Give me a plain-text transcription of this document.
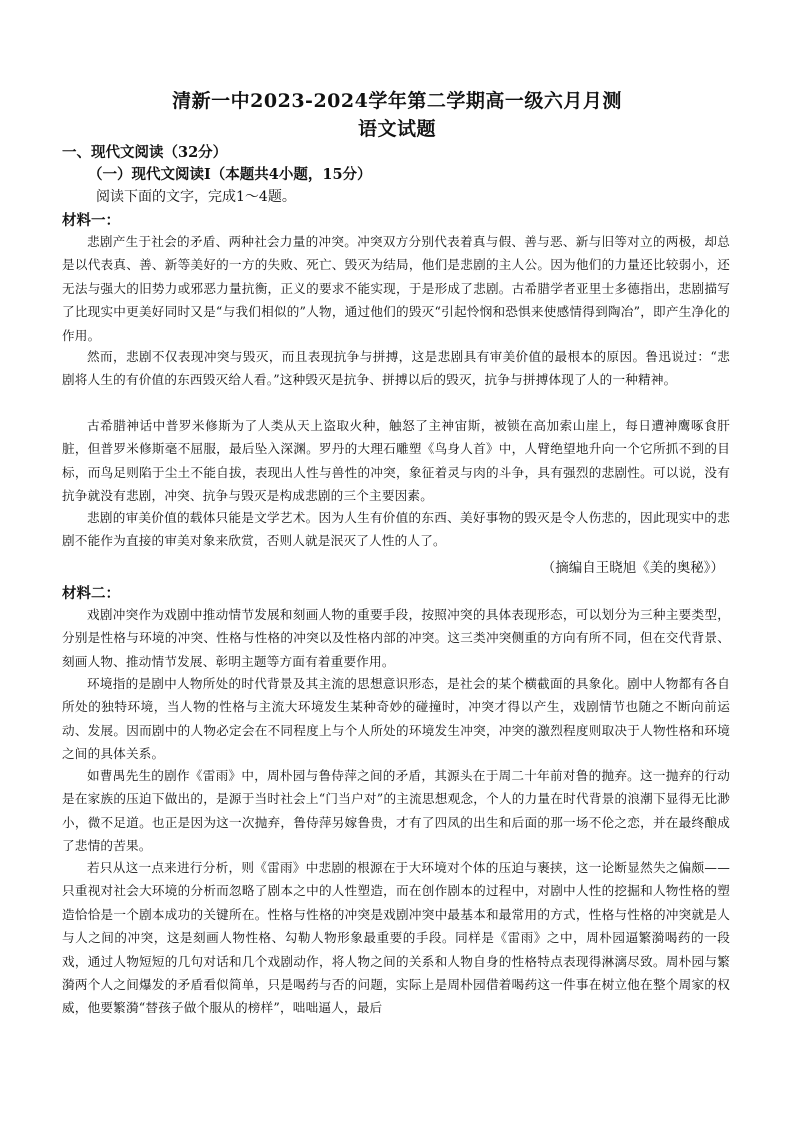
清新一中2023-2024学年第二学期高一级六月月测
语文试题
一、现代文阅读（32分）
（一）现代文阅读I（本题共4小题，15分）
阅读下面的文字，完成1～4题。
材料一：
悲剧产生于社会的矛盾、两种社会力量的冲突。冲突双方分别代表着真与假、善与恶、新与旧等对立的两极，却总是以代表真、善、新等美好的一方的失败、死亡、毁灭为结局，他们是悲剧的主人公。因为他们的力量还比较弱小，还无法与强大的旧势力或邪恶力量抗衡，正义的要求不能实现，于是形成了悲剧。古希腊学者亚里士多德指出，悲剧描写了比现实中更美好同时又是“与我们相似的”人物，通过他们的毁灭“引起怜悯和恐惧来使感情得到陶冶”，即产生净化的作用。
然而，悲剧不仅表现冲突与毁灭，而且表现抗争与拼搏，这是悲剧具有审美价值的最根本的原因。鲁迅说过：“悲剧将人生的有价值的东西毁灭给人看。”这种毁灭是抗争、拼搏以后的毁灭，抗争与拼搏体现了人的一种精神。
古希腊神话中普罗米修斯为了人类从天上盗取火种，触怒了主神宙斯，被锁在高加索山崖上，每日遭神鹰啄食肝脏，但普罗米修斯毫不屈服，最后坠入深渊。罗丹的大理石雕塑《鸟身人首》中，人臂绝望地升向一个它所抓不到的目标，而鸟足则陷于尘土不能自拔，表现出人性与兽性的冲突，象征着灵与肉的斗争，具有强烈的悲剧性。可以说，没有抗争就没有悲剧，冲突、抗争与毁灭是构成悲剧的三个主要因素。
悲剧的审美价值的载体只能是文学艺术。因为人生有价值的东西、美好事物的毁灭是令人伤悲的，因此现实中的悲剧不能作为直接的审美对象来欣赏，否则人就是泯灭了人性的人了。
（摘编自王晓旭《美的奥秘》）
材料二：
戏剧冲突作为戏剧中推动情节发展和刻画人物的重要手段，按照冲突的具体表现形态，可以划分为三种主要类型，分别是性格与环境的冲突、性格与性格的冲突以及性格内部的冲突。这三类冲突侧重的方向有所不同，但在交代背景、刻画人物、推动情节发展、彰明主题等方面有着重要作用。
环境指的是剧中人物所处的时代背景及其主流的思想意识形态，是社会的某个横截面的具象化。剧中人物都有各自所处的独特环境，当人物的性格与主流大环境发生某种奇妙的碰撞时，冲突才得以产生，戏剧情节也随之不断向前运动、发展。因而剧中的人物必定会在不同程度上与个人所处的环境发生冲突，冲突的激烈程度则取决于人物性格和环境之间的具体关系。
如曹禺先生的剧作《雷雨》中，周朴园与鲁侍萍之间的矛盾，其源头在于周二十年前对鲁的抛弃。这一抛弃的行动是在家族的压迫下做出的，是源于当时社会上“门当户对”的主流思想观念，个人的力量在时代背景的浪潮下显得无比渺小，微不足道。也正是因为这一次抛弃，鲁侍萍另嫁鲁贵，才有了四凤的出生和后面的那一场不伦之恋，并在最终酿成了悲情的苦果。
若只从这一点来进行分析，则《雷雨》中悲剧的根源在于大环境对个体的压迫与裹挟，这一论断显然失之偏颇——只重视对社会大环境的分析而忽略了剧本之中的人性塑造，而在创作剧本的过程中，对剧中人性的挖掘和人物性格的塑造恰恰是一个剧本成功的关键所在。性格与性格的冲突是戏剧冲突中最基本和最常用的方式，性格与性格的冲突就是人与人之间的冲突，这是刻画人物性格、勾勒人物形象最重要的手段。同样是《雷雨》之中，周朴园逼繁漪喝药的一段戏，通过人物短短的几句对话和几个戏剧动作，将人物之间的关系和人物自身的性格特点表现得淋漓尽致。周朴园与繁漪两个人之间爆发的矛盾看似简单，只是喝药与否的问题，实际上是周朴园借着喝药这一件事在树立他在整个周家的权威，他要繁漪“替孩子做个服从的榜样”，咄咄逼人，最后
